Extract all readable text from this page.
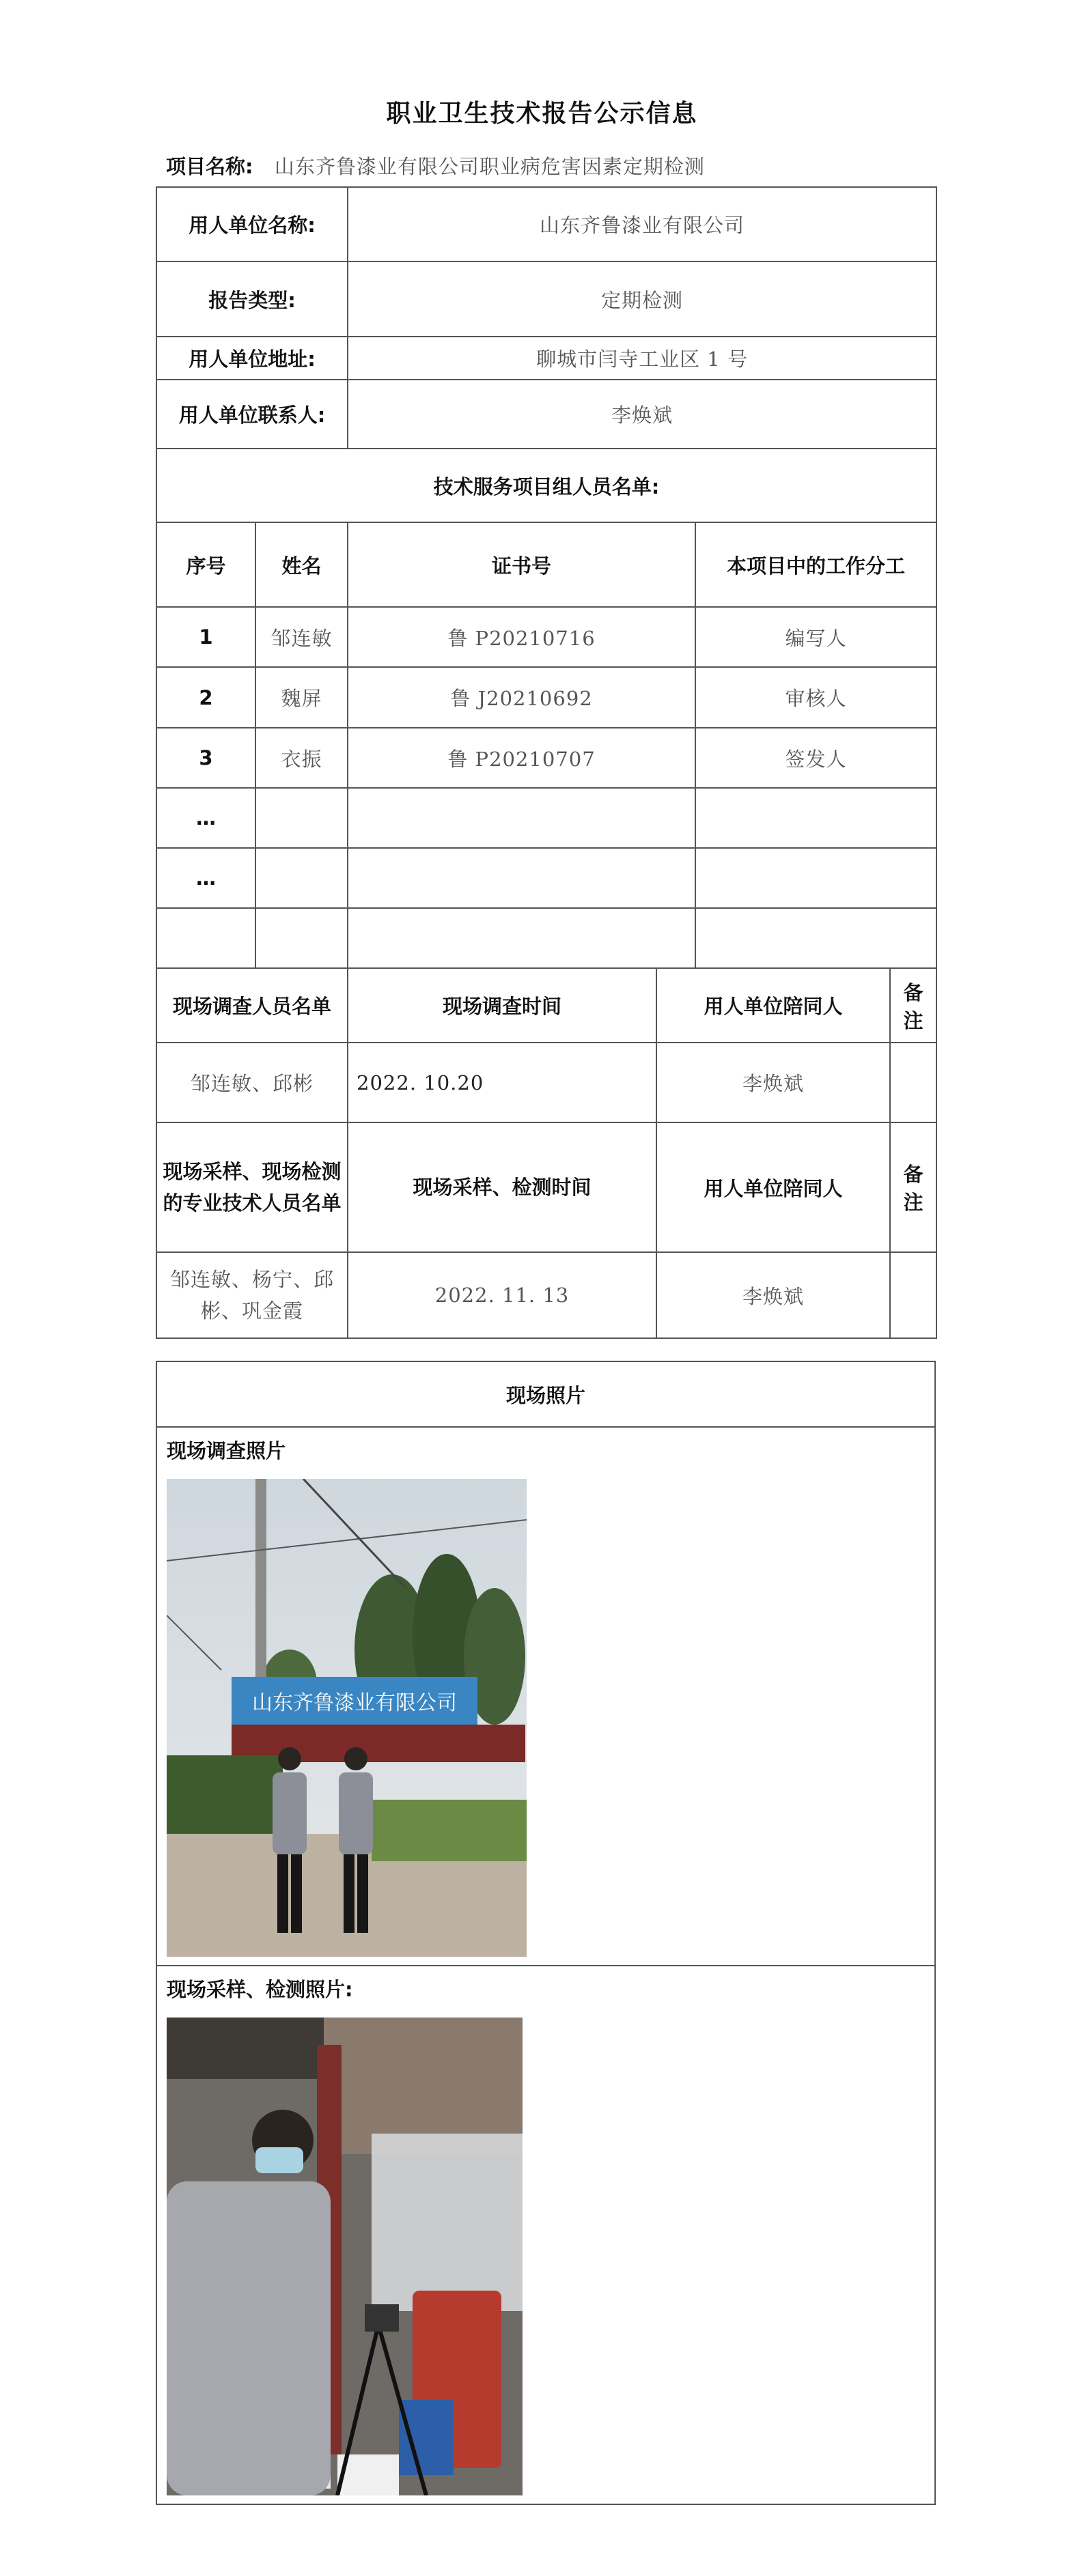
职业卫生技术报告公示信息
项目名称: 山东齐鲁漆业有限公司职业病危害因素定期检测
用人单位名称:		山东齐鲁漆业有限公司			
报告类型:		定期检测			
用人单位地址:		聊城市闫寺工业区 1 号			
用人单位联系人:		李焕斌			
技术服务项目组人员名单:					
序号	姓名	证书号		本项目中的工作分工	
1	邹连敏	鲁 P20210716		编写人	
2	魏屏	鲁 J20210692		审核人	
3	衣振	鲁 P20210707		签发人	
…					
…					

现场调查人员名单		现场调查时间	用人单位陪同人		备注
邹连敏、邱彬		2022. 10.20	李焕斌		
现场采样、现场检测的专业技术人员名单		现场采样、检测时间	用人单位陪同人		备注
邹连敏、杨宁、邱彬、巩金霞		2022. 11. 13	李焕斌		
现场照片

现场调查照片
山东齐鲁漆业有限公司

现场采样、检测照片:
